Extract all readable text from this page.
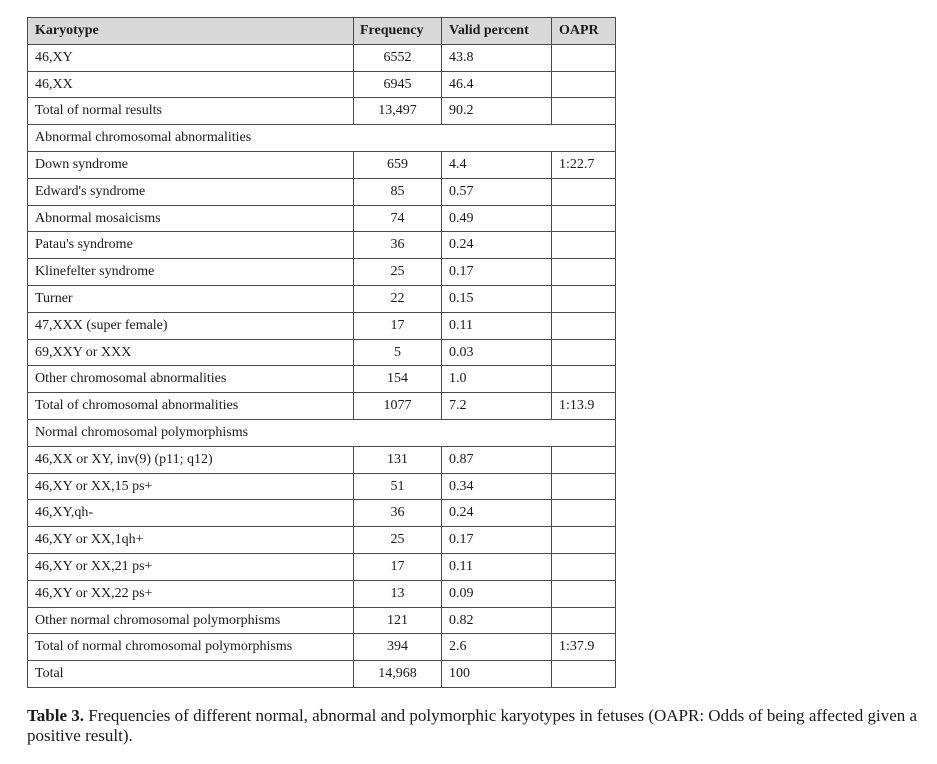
Karyotype	Frequency	Valid percent	OAPR
46,XY	6552	43.8	
46,XX	6945	46.4	
Total of normal results	13,497	90.2	
Abnormal chromosomal abnormalities			
Down syndrome	659	4.4	1:22.7
Edward's syndrome	85	0.57	
Abnormal mosaicisms	74	0.49	
Patau's syndrome	36	0.24	
Klinefelter syndrome	25	0.17	
Turner	22	0.15	
47,XXX (super female)	17	0.11	
69,XXY or XXX	5	0.03	
Other chromosomal abnormalities	154	1.0	
Total of chromosomal abnormalities	1077	7.2	1:13.9
Normal chromosomal polymorphisms			
46,XX or XY, inv(9) (p11; q12)	131	0.87	
46,XY or XX,15 ps+	51	0.34	
46,XY,qh-	36	0.24	
46,XY or XX,1qh+	25	0.17	
46,XY or XX,21 ps+	17	0.11	
46,XY or XX,22 ps+	13	0.09	
Other normal chromosomal polymorphisms	121	0.82	
Total of normal chromosomal polymorphisms	394	2.6	1:37.9
Total	14,968	100	
Table 3. Frequencies of different normal, abnormal and polymorphic karyotypes in fetuses (OAPR: Odds of being affected given a positive result).
